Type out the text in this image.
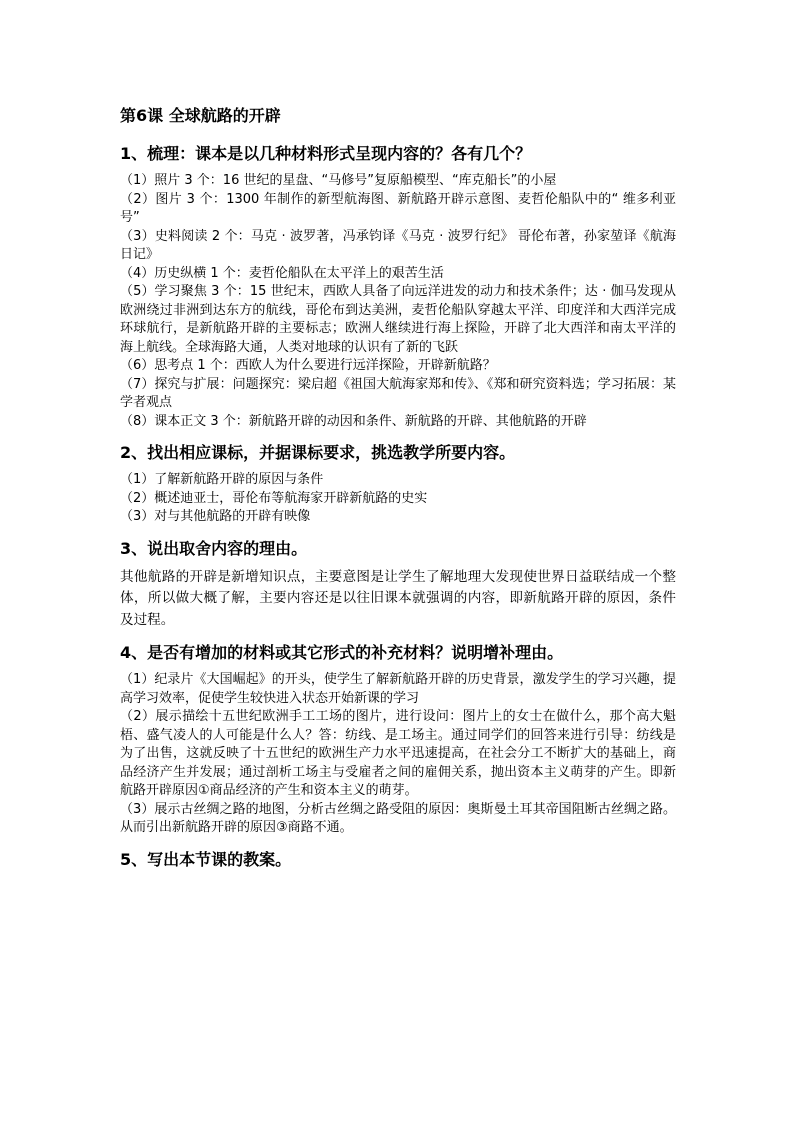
第6课 全球航路的开辟
1、梳理：课本是以几种材料形式呈现内容的？各有几个？

（1）照片 3 个：16 世纪的星盘、“马修号”复原船模型、“库克船长”的小屋

（2）图片 3 个：1300 年制作的新型航海图、新航路开辟示意图、麦哲伦船队中的“ 维多利亚号”

（3）史料阅读 2 个：马克 · 波罗著，冯承钧译《马克 · 波罗行纪》 哥伦布著，孙家堃译《航海日记》

（4）历史纵横 1 个：麦哲伦船队在太平洋上的艰苦生活

（5）学习聚焦 3 个：15 世纪末，西欧人具备了向远洋进发的动力和技术条件；达 · 伽马发现从欧洲绕过非洲到达东方的航线，哥伦布到达美洲，麦哲伦船队穿越太平洋、印度洋和大西洋完成环球航行，是新航路开辟的主要标志；欧洲人继续进行海上探险，开辟了北大西洋和南太平洋的海上航线。全球海路大通，人类对地球的认识有了新的飞跃

（6）思考点 1 个：西欧人为什么要进行远洋探险，开辟新航路？

（7）探究与扩展：问题探究：梁启超《祖国大航海家郑和传》、《郑和研究资料选；学习拓展：某学者观点

（8）课本正文 3 个：新航路开辟的动因和条件、新航路的开辟、其他航路的开辟

2、找出相应课标，并据课标要求，挑选教学所要内容。

（1）了解新航路开辟的原因与条件

（2）概述迪亚士，哥伦布等航海家开辟新航路的史实

（3）对与其他航路的开辟有映像

3、说出取舍内容的理由。

其他航路的开辟是新增知识点，主要意图是让学生了解地理大发现使世界日益联结成一个整体，所以做大概了解，主要内容还是以往旧课本就强调的内容，即新航路开辟的原因，条件及过程。

4、是否有增加的材料或其它形式的补充材料？说明增补理由。

（1）纪录片《大国崛起》的开头，使学生了解新航路开辟的历史背景，激发学生的学习兴趣，提高学习效率，促使学生较快进入状态开始新课的学习

（2）展示描绘十五世纪欧洲手工工场的图片，进行设问：图片上的女士在做什么，那个高大魁梧、盛气凌人的人可能是什么人？答：纺线、是工场主。通过同学们的回答来进行引导：纺线是为了出售，这就反映了十五世纪的欧洲生产力水平迅速提高，在社会分工不断扩大的基础上，商品经济产生并发展；通过剖析工场主与受雇者之间的雇佣关系，抛出资本主义萌芽的产生。即新航路开辟原因①商品经济的产生和资本主义的萌芽。

（3）展示古丝绸之路的地图，分析古丝绸之路受阻的原因：奥斯曼土耳其帝国阻断古丝绸之路。从而引出新航路开辟的原因③商路不通。

5、写出本节课的教案。
